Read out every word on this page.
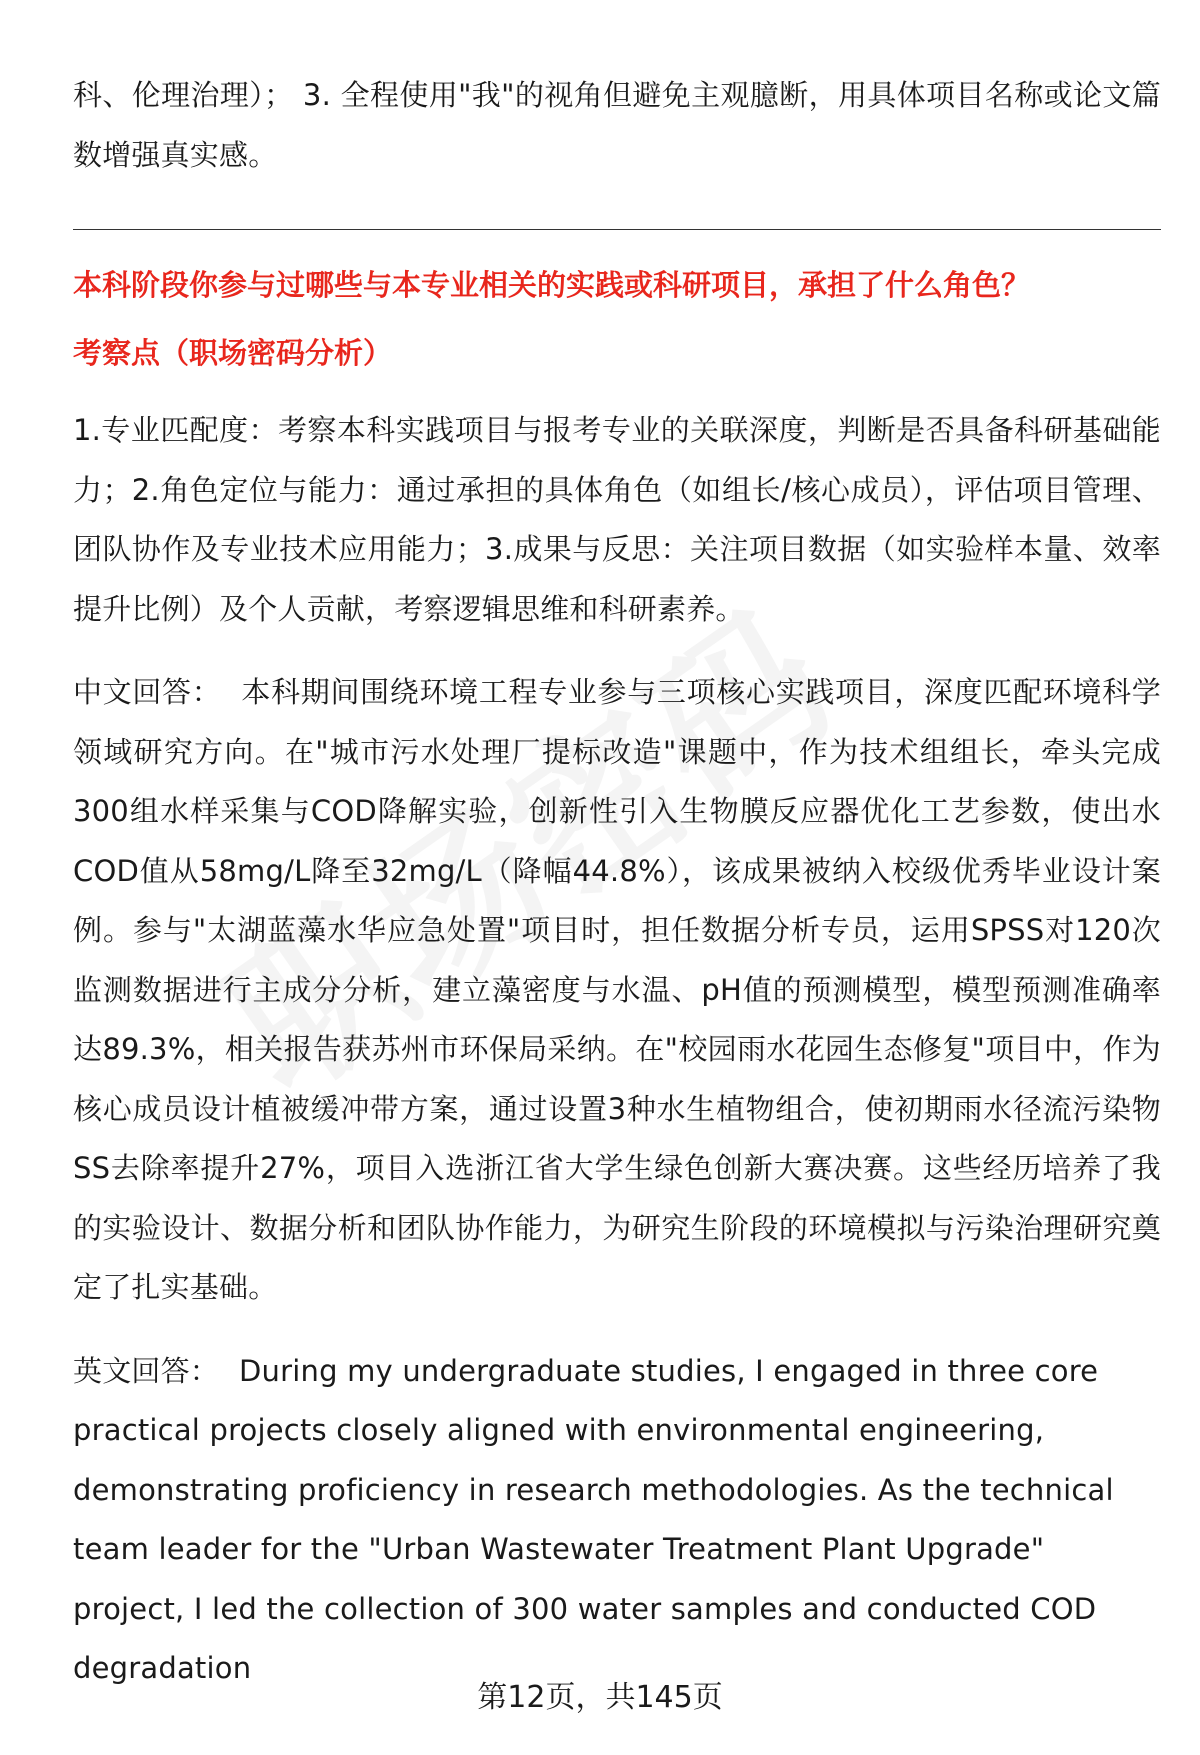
科、伦理治理）； 3. 全程使用"我"的视角但避免主观臆断，用具体项目名称或论文篇数增强真实感。

本科阶段你参与过哪些与本专业相关的实践或科研项目，承担了什么角色？

考察点（职场密码分析）

1.专业匹配度：考察本科实践项目与报考专业的关联深度，判断是否具备科研基础能力；2.角色定位与能力：通过承担的具体角色（如组长/核心成员），评估项目管理、团队协作及专业技术应用能力；3.成果与反思：关注项目数据（如实验样本量、效率提升比例）及个人贡献，考察逻辑思维和科研素养。

中文回答： 本科期间围绕环境工程专业参与三项核心实践项目，深度匹配环境科学领域研究方向。在"城市污水处理厂提标改造"课题中，作为技术组组长，牵头完成300组水样采集与COD降解实验，创新性引入生物膜反应器优化工艺参数，使出水COD值从58mg/L降至32mg/L（降幅44.8%），该成果被纳入校级优秀毕业设计案例。参与"太湖蓝藻水华应急处置"项目时，担任数据分析专员，运用SPSS对120次监测数据进行主成分分析，建立藻密度与水温、pH值的预测模型，模型预测准确率达89.3%，相关报告获苏州市环保局采纳。在"校园雨水花园生态修复"项目中，作为核心成员设计植被缓冲带方案，通过设置3种水生植物组合，使初期雨水径流污染物SS去除率提升27%，项目入选浙江省大学生绿色创新大赛决赛。这些经历培养了我的实验设计、数据分析和团队协作能力，为研究生阶段的环境模拟与污染治理研究奠定了扎实基础。

英文回答： During my undergraduate studies, I engaged in three core practical projects closely aligned with environmental engineering, demonstrating proficiency in research methodologies. As the technical team leader for the "Urban Wastewater Treatment Plant Upgrade" project, I led the collection of 300 water samples and conducted COD degradation

第12页，共145页
